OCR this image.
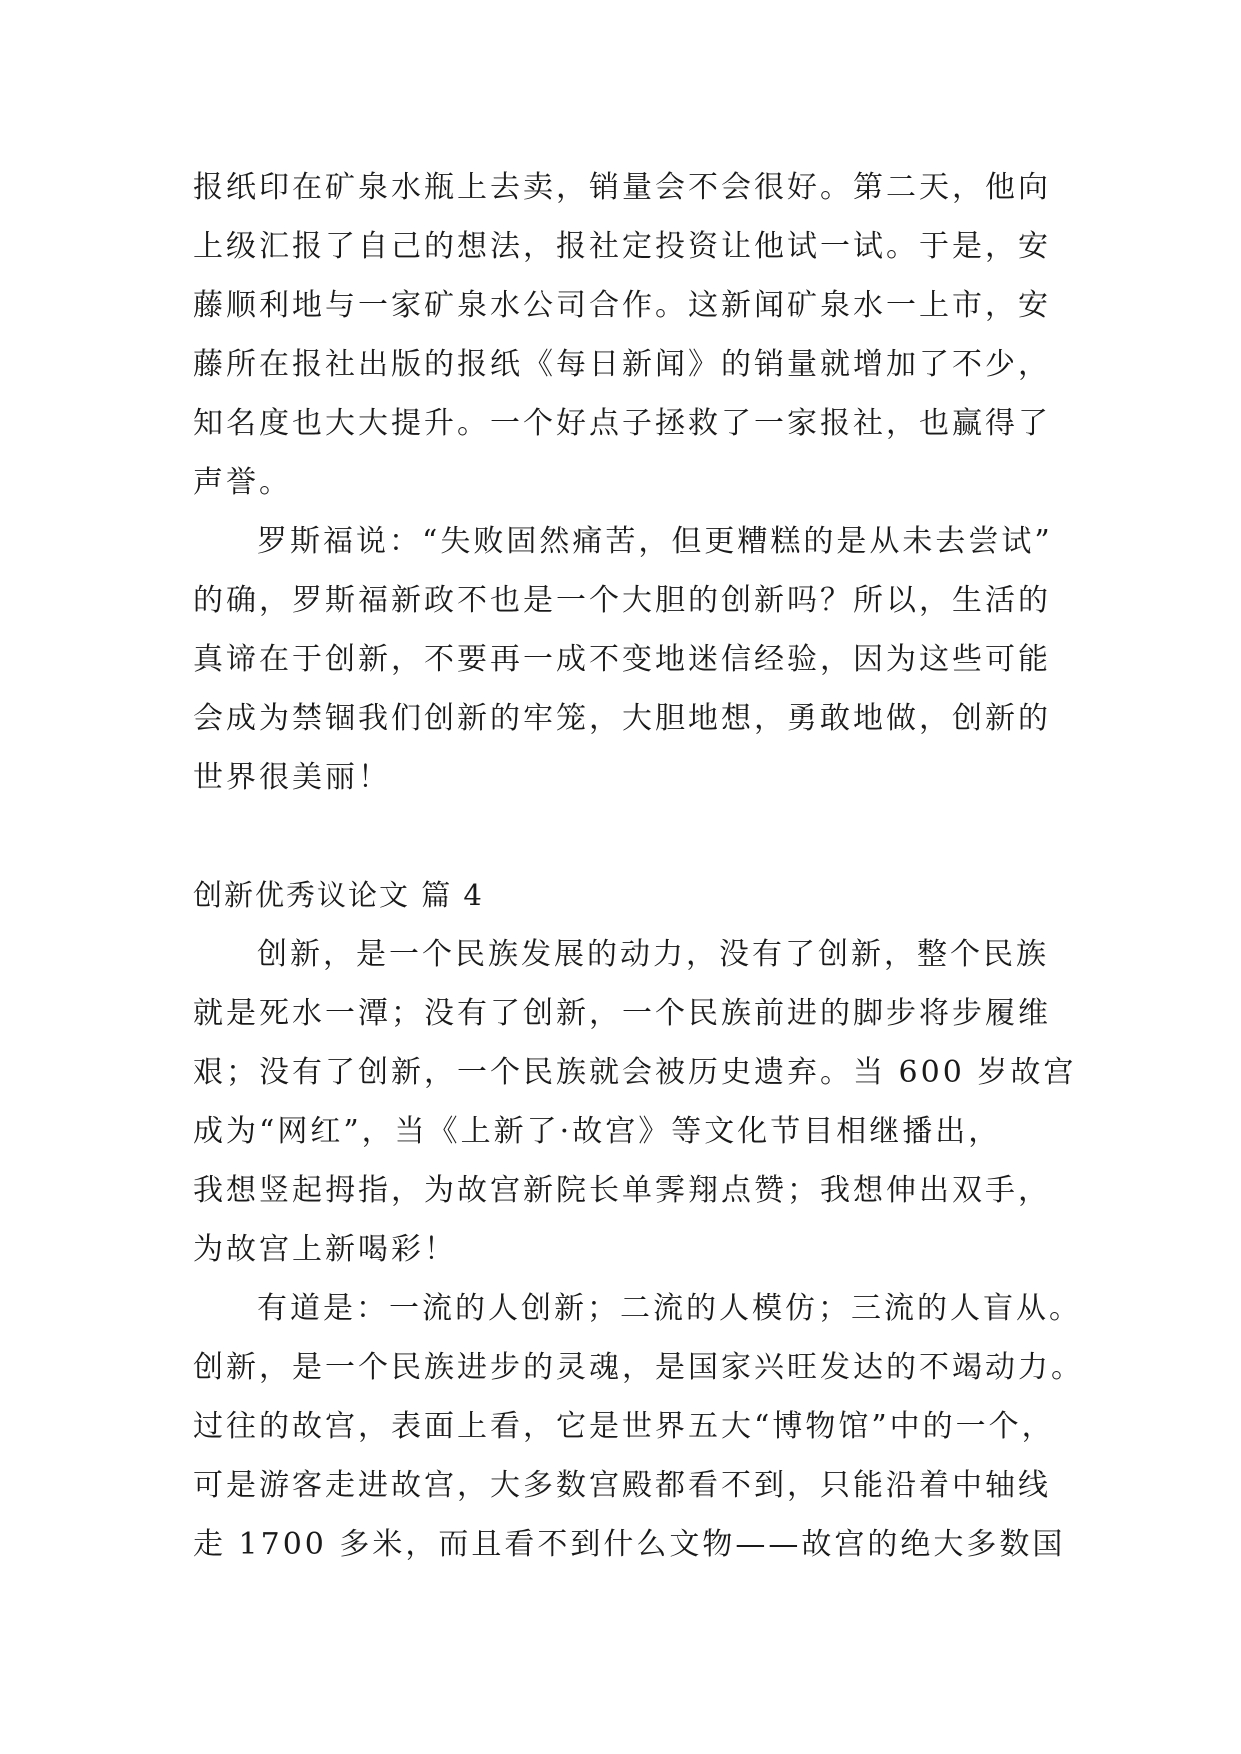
报纸印在矿泉水瓶上去卖，销量会不会很好。第二天，他向
上级汇报了自己的想法，报社定投资让他试一试。于是，安
藤顺利地与一家矿泉水公司合作。这新闻矿泉水一上市，安
藤所在报社出版的报纸《每日新闻》的销量就增加了不少，
知名度也大大提升。一个好点子拯救了一家报社，也赢得了
声誉。
罗斯福说：“失败固然痛苦，但更糟糕的是从未去尝试”
的确，罗斯福新政不也是一个大胆的创新吗？所以，生活的
真谛在于创新，不要再一成不变地迷信经验，因为这些可能
会成为禁锢我们创新的牢笼，大胆地想，勇敢地做，创新的
世界很美丽！
创新优秀议论文 篇 4
创新，是一个民族发展的动力，没有了创新，整个民族
就是死水一潭；没有了创新，一个民族前进的脚步将步履维
艰；没有了创新，一个民族就会被历史遗弃。当 600 岁故宫
成为“网红”，当《上新了·故宫》等文化节目相继播出，
我想竖起拇指，为故宫新院长单霁翔点赞；我想伸出双手，
为故宫上新喝彩！
有道是：一流的人创新；二流的人模仿；三流的人盲从。
创新，是一个民族进步的灵魂，是国家兴旺发达的不竭动力。
过往的故宫，表面上看，它是世界五大“博物馆”中的一个，
可是游客走进故宫，大多数宫殿都看不到，只能沿着中轴线
走 1700 多米，而且看不到什么文物——故宫的绝大多数国
